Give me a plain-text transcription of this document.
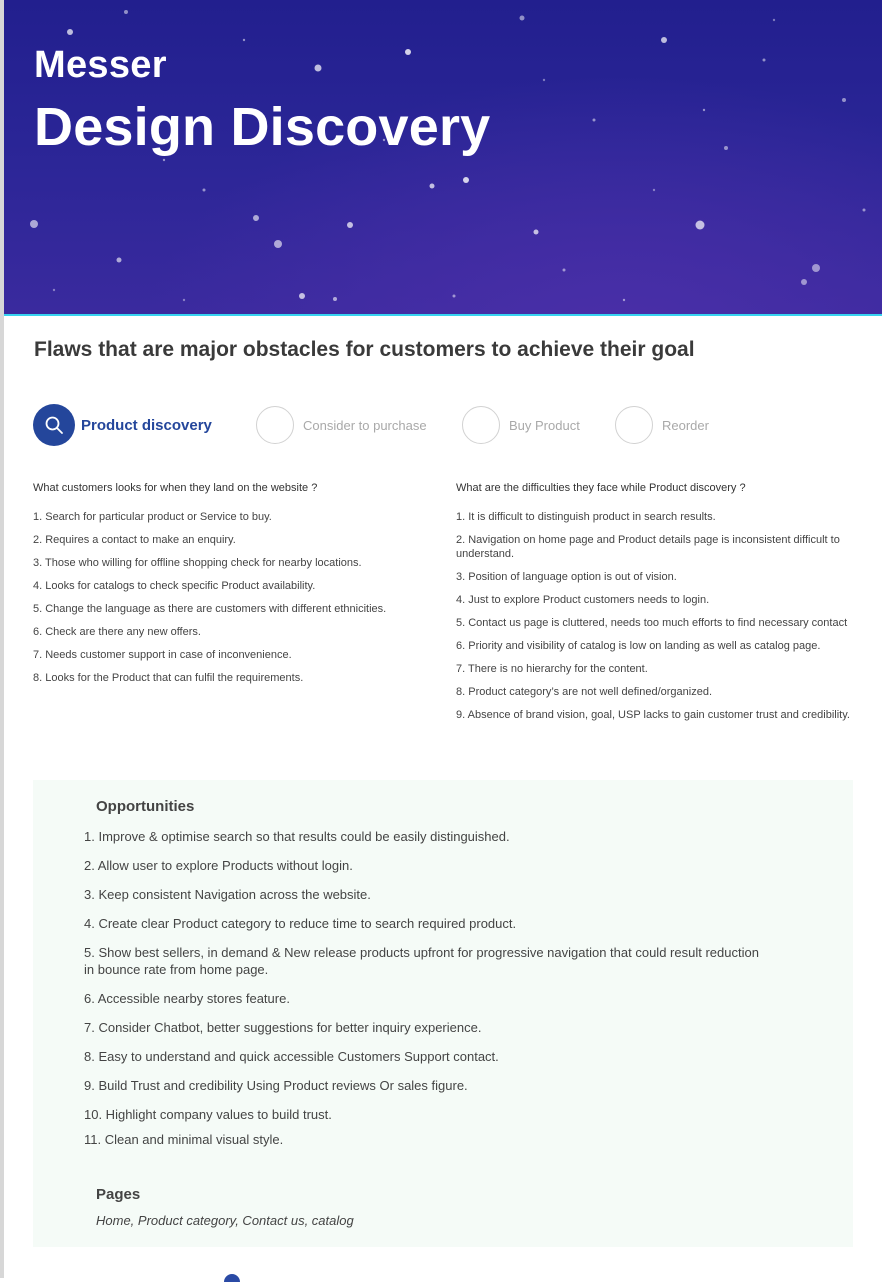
Messer
Design Discovery
Flaws that are major obstacles for customers to achieve their goal
Product discovery	Consider to purchase	Buy Product	Reorder

What customers looks for when they land on the website ?

1. Search for particular product or Service to buy.
2. Requires a contact to make an enquiry.
3. Those who willing for offline shopping check for nearby locations.
4. Looks for catalogs to check specific Product availability.
5. Change the language as there are customers with different ethnicities.
6. Check are there any new offers.
7. Needs customer support in case of inconvenience.
8. Looks for the Product that can fulfil the requirements.

What are the difficulties they face while Product discovery ?

1. It is difficult to distinguish product in search results.
2. Navigation on home page and Product details page is inconsistent difficult to understand.
3. Position of language option is out of vision.
4. Just to explore Product customers needs to login.
5. Contact us page is cluttered, needs too much efforts to find necessary contact
6. Priority and visibility of catalog is low on landing as well as catalog page.
7. There is no hierarchy for the content.
8. Product category’s are not well defined/organized.
9. Absence of brand vision, goal, USP lacks to gain customer trust and credibility.
Opportunities
1. Improve & optimise search so that results could be easily distinguished.
2. Allow user to explore Products without login.
3. Keep consistent Navigation across the website.
4. Create clear Product category to reduce time to search required product.
5. Show best sellers, in demand & New release products upfront for progressive navigation that could result reduction in bounce rate from home page.
6. Accessible nearby stores feature.
7. Consider Chatbot, better suggestions for better inquiry experience.
8. Easy to understand and quick accessible Customers Support contact.
9. Build Trust and credibility Using Product reviews Or sales figure.
10. Highlight company values to build trust.
11. Clean and minimal visual style.
Pages

Home, Product category, Contact us, catalog
